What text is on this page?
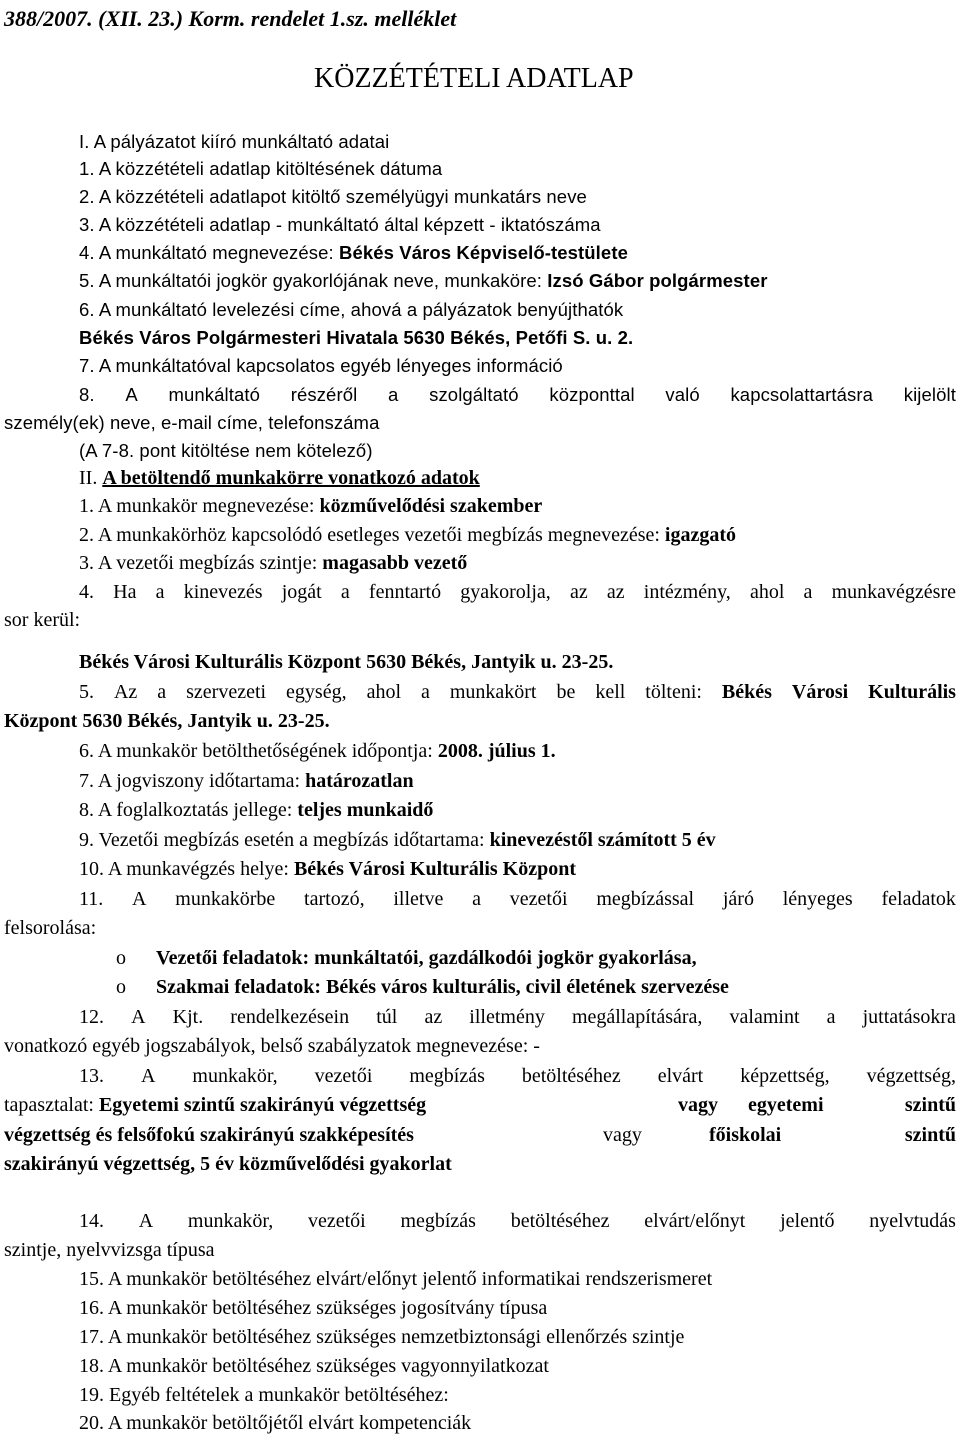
388/2007. (XII. 23.) Korm. rendelet 1.sz. melléklet
KÖZZÉTÉTELI ADATLAP
I. A pályázatot kiíró munkáltató adatai
1. A közzétételi adatlap kitöltésének dátuma
2. A közzétételi adatlapot kitöltő személyügyi munkatárs neve
3. A közzétételi adatlap - munkáltató által képzett - iktatószáma
4. A munkáltató megnevezése: Békés Város Képviselő-testülete
5. A munkáltatói jogkör gyakorlójának neve, munkaköre: Izsó Gábor polgármester
6. A munkáltató levelezési címe, ahová a pályázatok benyújthatók
Békés Város Polgármesteri Hivatala 5630 Békés, Petőfi S. u. 2.
7. A munkáltatóval kapcsolatos egyéb lényeges információ
8. A munkáltató részéről a szolgáltató központtal való kapcsolattartásra kijelölt
személy(ek) neve, e-mail címe, telefonszáma
(A 7-8. pont kitöltése nem kötelező)
II. A betöltendő munkakörre vonatkozó adatok
1. A munkakör megnevezése: közművelődési szakember
2. A munkakörhöz kapcsolódó esetleges vezetői megbízás megnevezése: igazgató
3. A vezetői megbízás szintje: magasabb vezető
4. Ha a kinevezés jogát a fenntartó gyakorolja, az az intézmény, ahol a munkavégzésre
sor kerül:
Békés Városi Kulturális Központ 5630 Békés, Jantyik u. 23-25.
5. Az a szervezeti egység, ahol a munkakört be kell tölteni: Békés Városi Kulturális
Központ 5630 Békés, Jantyik u. 23-25.
6. A munkakör betölthetőségének időpontja: 2008. július 1.
7. A jogviszony időtartama: határozatlan
8. A foglalkoztatás jellege: teljes munkaidő
9. Vezetői megbízás esetén a megbízás időtartama: kinevezéstől számított 5 év
10. A munkavégzés helye: Békés Városi Kulturális Központ
11. A munkakörbe tartozó, illetve a vezetői megbízással járó lényeges feladatok
felsorolása:
o	Vezetői feladatok: munkáltatói, gazdálkodói jogkör gyakorlása,
o	Szakmai feladatok: Békés város kulturális, civil életének szervezése
12. A Kjt. rendelkezésein túl az illetmény megállapítására, valamint a juttatásokra
vonatkozó egyéb jogszabályok, belső szabályzatok megnevezése: -
13. A munkakör, vezetői megbízás betöltéséhez elvárt képzettség, végzettség,
tapasztalat: Egyetemi szintű szakirányú végzettség	vagy egyetemi	szintű
végzettség és felsőfokú szakirányú szakképesítés	vagy	főiskolai	szintű
szakirányú végzettség, 5 év közművelődési gyakorlat
14. A munkakör, vezetői megbízás betöltéséhez elvárt/előnyt jelentő nyelvtudás
szintje, nyelvvizsga típusa
15. A munkakör betöltéséhez elvárt/előnyt jelentő informatikai rendszerismeret
16. A munkakör betöltéséhez szükséges jogosítvány típusa
17. A munkakör betöltéséhez szükséges nemzetbiztonsági ellenőrzés szintje
18. A munkakör betöltéséhez szükséges vagyonnyilatkozat
19. Egyéb feltételek a munkakör betöltéséhez:
20. A munkakör betöltőjétől elvárt kompetenciák
